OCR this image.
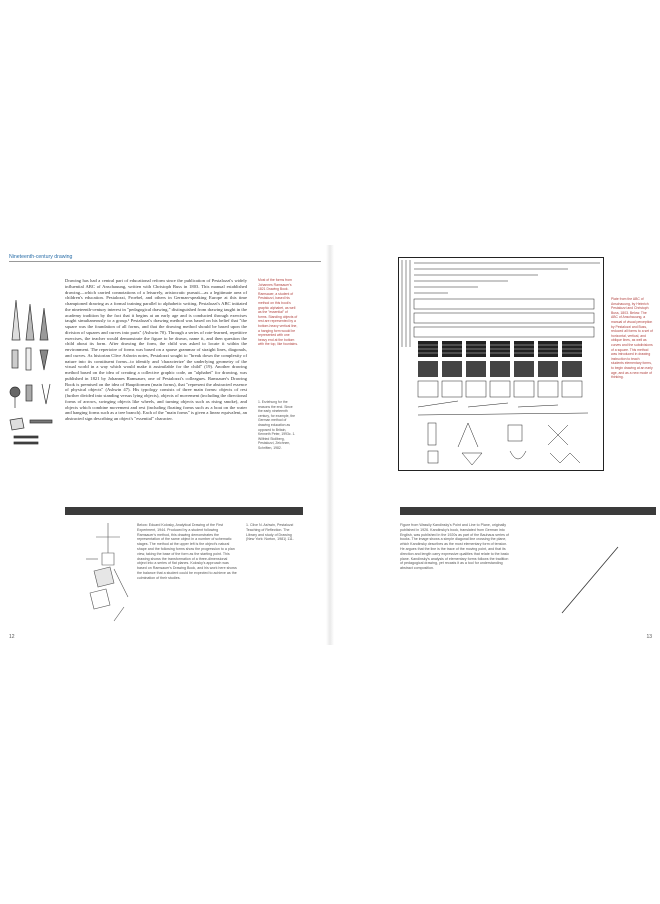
Nineteenth-century drawing
Drawing has had a central part of educational reform since the publication of Pestalozzi's widely influential ABC of Anschauung, written with Christoph Buss in 1803. This manual established drawing—which carried connotations of a leisurely, aristocratic pursuit—as a legitimate area of children's education. Pestalozzi, Froebel, and others in German-speaking Europe at this time championed drawing as a formal training parallel to alphabetic writing. Pestalozzi's ABC initiated the nineteenth-century interest in "pedagogical drawing," distinguished from drawing taught in the academy tradition by the fact that it begins at an early age and is conducted through exercises taught simultaneously to a group.¹ Pestalozzi's drawing method was based on his belief that "the square was the foundation of all forms, and that the drawing method should be based upon the division of squares and curves into parts" (Ashwin 70). Through a series of rote-learned, repetitive exercises, the teacher would demonstrate the figure to be drawn, name it, and then question the child about its form. After drawing the form, the child was asked to locate it within the environment. The repertoire of forms was based on a sparse grammar of straight lines, diagonals, and curves. As historian Clive Ashwin notes, Pestalozzi sought to "break down the complexity of nature into its constituent forms...to identify and 'characterize' the underlying geometry of the visual world in a way which would make it assimilable for the child" (19). Another drawing method based on the idea of creating a collective graphic code, an "alphabet" for drawing, was published in 1821 by Johannes Ramsauer, one of Pestalozzi's colleagues. Ramsauer's Drawing Book is premised on the idea of Hauptformen (main forms), that "represent the abstracted essence of physical objects" (Ashwin 47). His typology consists of three main forms: objects of rest (further divided into standing versus lying objects), objects of movement (including the directional forms of arrows, swinging objects like wheels, and turning objects such as rising smoke), and objects which combine movement and rest (including floating forms such as a boat on the water and hanging forms such as a tree branch). Each of the "main forms" is given a linear equivalent, an abstracted sign describing an object's "essential" character.
Most of the forms from Johannes Ramsauer's 1821 Drawing Book. Ramsauer, a student of Pestalozzi, based his method on this book's graphic alphabet, as well as the "essential" of forms. Standing objects of rest are represented by a bottom-heavy vertical line, a hanging form would be represented with one heavy end at the bottom with the top, like fountains.
1. Erziehung for the reasons the end. Since the early nineteenth century, for example, the German method of drawing education as opposed to Britain, Kenneth Peter, 1993c. 1. Wilfried Stollberg, Pestalozzi, Zeichnen, Schriften, 1982.
Below: Eduard Kolosky, Analytical Drawing of the First Experiment, 1944. Produced by a student following Ramsauer's method, this drawing demonstrates the representation of the same object in a number of schematic stages. The method at the upper left is the object's natural shape and the following forms show the progression to a plan view, taking the base of the form as the starting point. This drawing shows the transformation of a three-dimensional object into a series of flat planes. Kolosky's approach was based on Ramsauer's Drawing Book, and his work here shows the balance that a student could be expected to achieve as the culmination of their studies.
1. Clive N. Ashwin, Pestalozzi Teaching of Reflection. The Library and study of Drawing (New York: Norton, 1981) 111.
12
Plate from the ABC of Anschauung, by Heinrich Pestalozzi and Christoph Buss, 1803. Below: The ABC of Anschauung, a manual of visual perception by Pestalozzi and Buss, reduced all forms to a set of horizontal, vertical, and oblique lines, as well as curves and the subdivisions of a square. This method was introduced in drawing instruction to teach students elementary forms, to begin drawing at an early age, and as a new mode of thinking.
Figure from Wassily Kandinsky's Point and Line to Plane, originally published in 1926. Kandinsky's book, translated from German into English, was published in the 1920s as part of the Bauhaus series of books. The image shows a simple diagonal line crossing the plane, which Kandinsky describes as the most elementary form of tension. He argues that the line is the trace of the moving point, and that its direction and length carry expressive qualities that relate to the basic plane. Kandinsky's analysis of elementary forms follows the tradition of pedagogical drawing, yet recasts it as a tool for understanding abstract composition.
13
